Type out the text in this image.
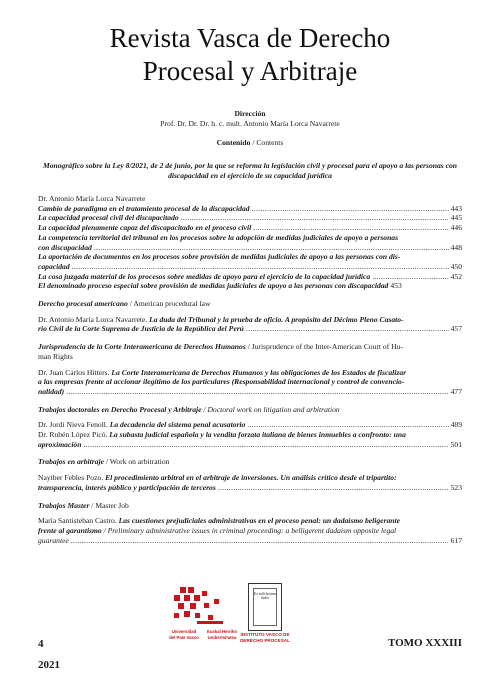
Revista Vasca de Derecho
Procesal y Arbitraje
Dirección
Prof. Dr. Dr. Dr. h. c. mult. Antonio María Lorca Navarrete
Contenido / Contents
Monográfico sobre la Ley 8/2021, de 2 de junio, por la que se reforma la legislación civil y procesal para el apoyo a las personas con discapacidad en el ejercicio de su capacidad jurídica

Dr. Antonio María Lorca Navarrete

Cambio de paradigma en el tratamiento procesal de la discapacidad .....	443
La capacidad procesal civil del discapacitado .....	445
La capacidad plenamente capaz del discapacitado en el proceso civil .....	446
La competencia territorial del tribunal en los procesos sobre la adopción de medidas judiciales de apoyo a personas
con discapacidad .....	448
La aportación de documentos en los procesos sobre provisión de medidas judiciales de apoyo a las personas con dis-
capacidad .....	450
La cosa juzgada material de los procesos sobre medidas de apoyo para el ejercicio de la capacidad jurídica .....	452
El denominado proceso especial sobre provisión de medidas judiciales de apoyo a las personas con discapacidad 453

Derecho procesal americano / American procedural law

Dr. Antonio María Lorca Navarrete. La duda del Tribunal y la prueba de oficio. A propósito del Décimo Pleno Casato-

rio Civil de la Corte Suprema de Justicia de la República del Perú .....	457

Jurisprudencia de la Corte Interamericana de Derechos Humanos / Jurisprudence of the Inter-American Court of Hu-
man Rights

Dr. Juan Carlos Hitters. La Corte Interamericana de Derechos Humanos y las obligaciones de los Estados de fiscalizar

a las empresas frente al accionar ilegítimo de los particulares (Responsabilidad internacional y control de convencio-

nalidad) .....	477

Trabajos doctorales en Derecho Procesal y Arbitraje / Doctoral work on litigation and arbitration

Dr. Jordi Nieva Fenoll.
La decadencia del sistema penal acusatorio .....	489

Dr. Rubén López Picó. La subasta judicial española y la vendita forzata italiana de bienes inmuebles a confronto: una

aproximación .....	501

Trabajos en arbitraje / Work on arbitration

Nayiber Febles Pozo. El procedimiento arbitral en el arbitraje de inversiones. Un análisis crítico desde el tripartito:

transparencia, interés público y participación de terceros .....	523

Trabajos Master / Master Job

María Santisteban Castro. Las cuestiones prejudiciales administrativas en el proceso penal: un dadaísmo beligerante

frente al garantismo / Preliminary administrative issues in criminal proceeding: a belligerent dadaism opposite legal

guarantee .....	617
Universidad
del País Vasco
Euskal Herriko
Unibertsitatea
Ex mili hostem dulce
INSTITUTO VASCO DE
DERECHO PROCESAL
4
2021
TOMO XXXIII
